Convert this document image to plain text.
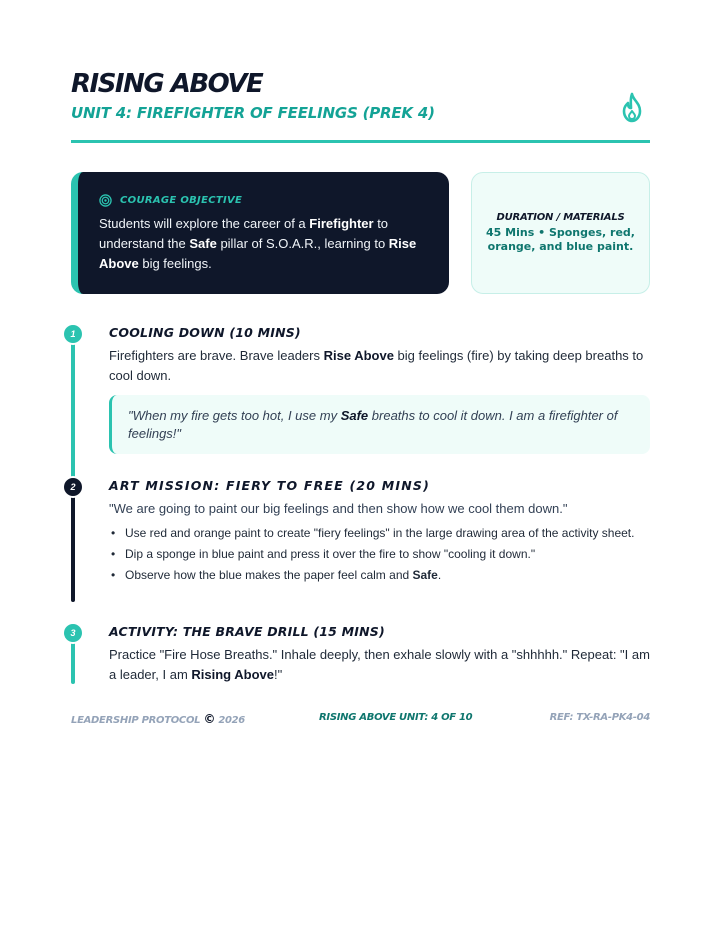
RISING ABOVE
UNIT 4: FIREFIGHTER OF FEELINGS (PREK 4)
COURAGE OBJECTIVE

Students will explore the career of a Firefighter to understand the Safe pillar of S.O.A.R., learning to Rise Above big feelings.

DURATION / MATERIALS
45 Mins • Sponges, red, orange, and blue paint.
1	COOLING DOWN (10 MINS)

Firefighters are brave. Brave leaders Rise Above big feelings (fire) by taking deep breaths to cool down.

"When my fire gets too hot, I use my Safe breaths to cool it down. I am a firefighter of feelings!"
2	ART MISSION: FIERY TO FREE (20 MINS)

"We are going to paint our big feelings and then show how we cool them down."

• Use red and orange paint to create "fiery feelings" in the large drawing area of the activity sheet.
• Dip a sponge in blue paint and press it over the fire to show "cooling it down."
• Observe how the blue makes the paper feel calm and Safe.
3	ACTIVITY: THE BRAVE DRILL (15 MINS)

Practice "Fire Hose Breaths." Inhale deeply, then exhale slowly with a "shhhhh." Repeat: "I am a leader, I am Rising Above!"

LEADERSHIP PROTOCOL © 2026	RISING ABOVE UNIT: 4 OF 10	REF: TX-RA-PK4-04
